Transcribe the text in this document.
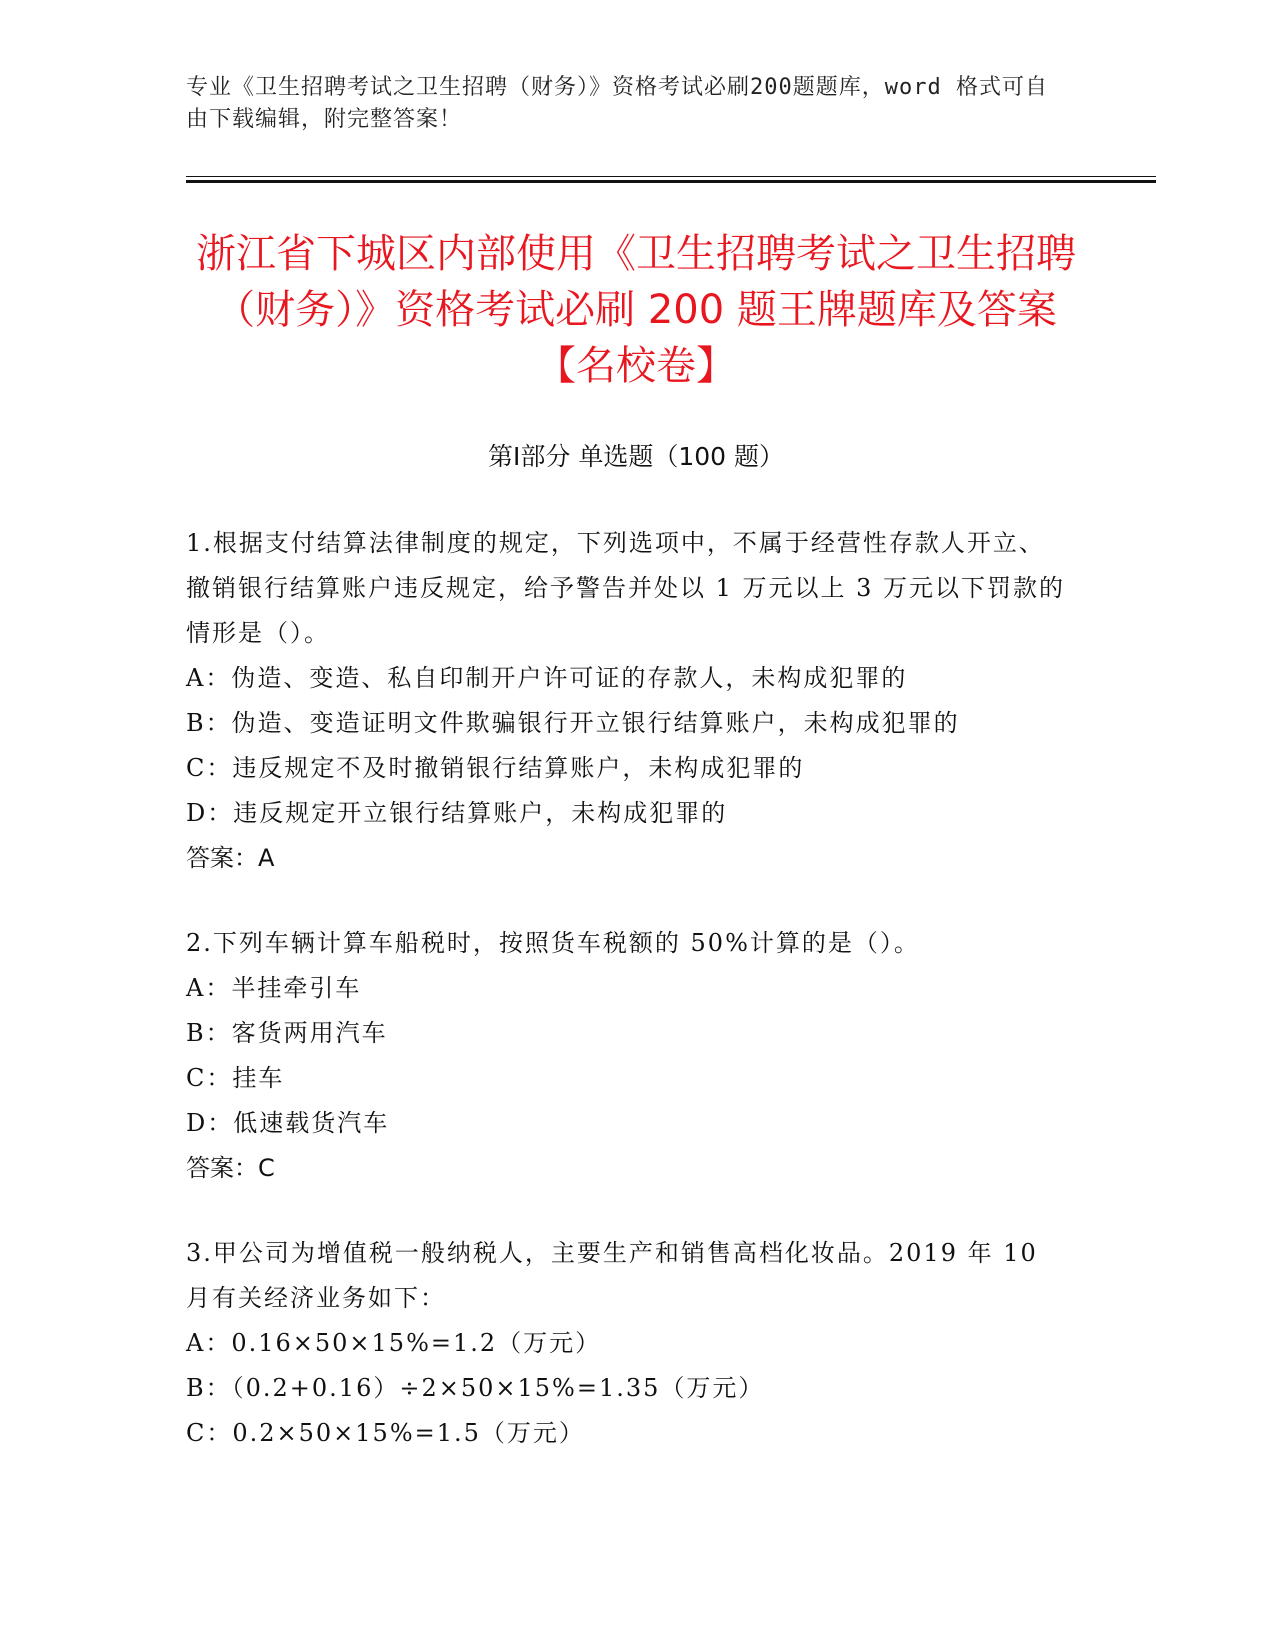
专业《卫生招聘考试之卫生招聘（财务）》资格考试必刷200题题库，word 格式可自由下载编辑，附完整答案！

浙江省下城区内部使用《卫生招聘考试之卫生招聘（财务）》资格考试必刷 200 题王牌题库及答案【名校卷】
第Ⅰ部分 单选题（100 题）

1.根据支付结算法律制度的规定，下列选项中，不属于经营性存款人开立、撤销银行结算账户违反规定，给予警告并处以 1 万元以上 3 万元以下罚款的情形是（）。

A：伪造、变造、私自印制开户许可证的存款人，未构成犯罪的

B：伪造、变造证明文件欺骗银行开立银行结算账户，未构成犯罪的

C：违反规定不及时撤销银行结算账户，未构成犯罪的

D：违反规定开立银行结算账户，未构成犯罪的

答案：A

2.下列车辆计算车船税时，按照货车税额的 50%计算的是（）。

A：半挂牵引车

B：客货两用汽车

C：挂车

D：低速载货汽车

答案：C

3.甲公司为增值税一般纳税人，主要生产和销售高档化妆品。2019 年 10 月有关经济业务如下：

A：0.16×50×15%=1.2（万元）

B：（0.2+0.16）÷2×50×15%=1.35（万元）

C：0.2×50×15%=1.5（万元）
